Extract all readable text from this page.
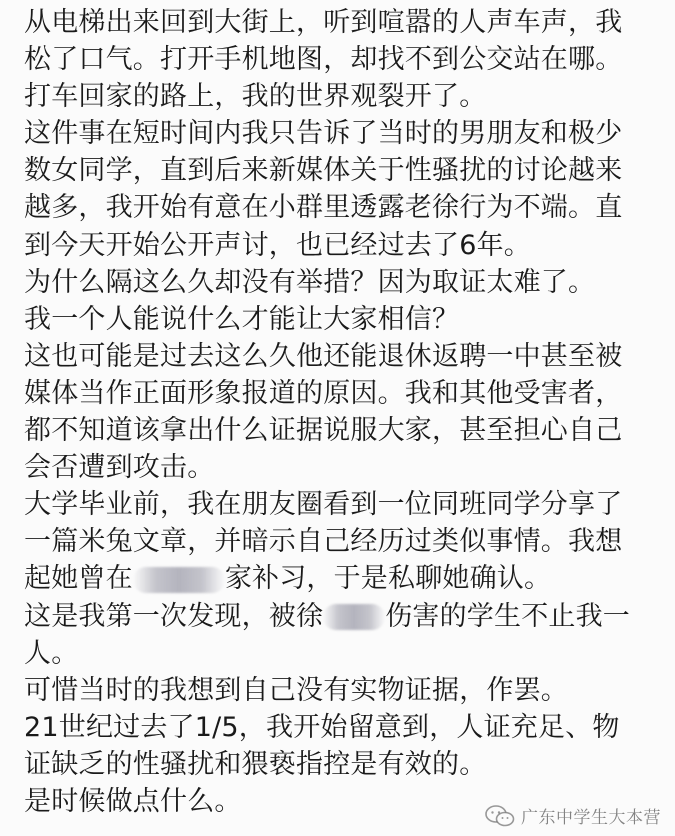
从电梯出来回到大街上，听到喧嚣的人声车声，我
松了口气。打开手机地图，却找不到公交站在哪。
打车回家的路上，我的世界观裂开了。
这件事在短时间内我只告诉了当时的男朋友和极少
数女同学，直到后来新媒体关于性骚扰的讨论越来
越多，我开始有意在小群里透露老徐行为不端。直
到今天开始公开声讨，也已经过去了6年。
为什么隔这么久却没有举措？因为取证太难了。
我一个人能说什么才能让大家相信？
这也可能是过去这么久他还能退休返聘一中甚至被
媒体当作正面形象报道的原因。我和其他受害者，
都不知道该拿出什么证据说服大家，甚至担心自己
会否遭到攻击。
大学毕业前，我在朋友圈看到一位同班同学分享了
一篇米兔文章，并暗示自己经历过类似事情。我想
起她曾在	家补习，于是私聊她确认。
这是我第一次发现，被徐 伤害的学生不止我一
人。
可惜当时的我想到自己没有实物证据，作罢。
21世纪过去了1/5，我开始留意到，人证充足、物
证缺乏的性骚扰和猥亵指控是有效的。
是时候做点什么。
广东中学生大本营
